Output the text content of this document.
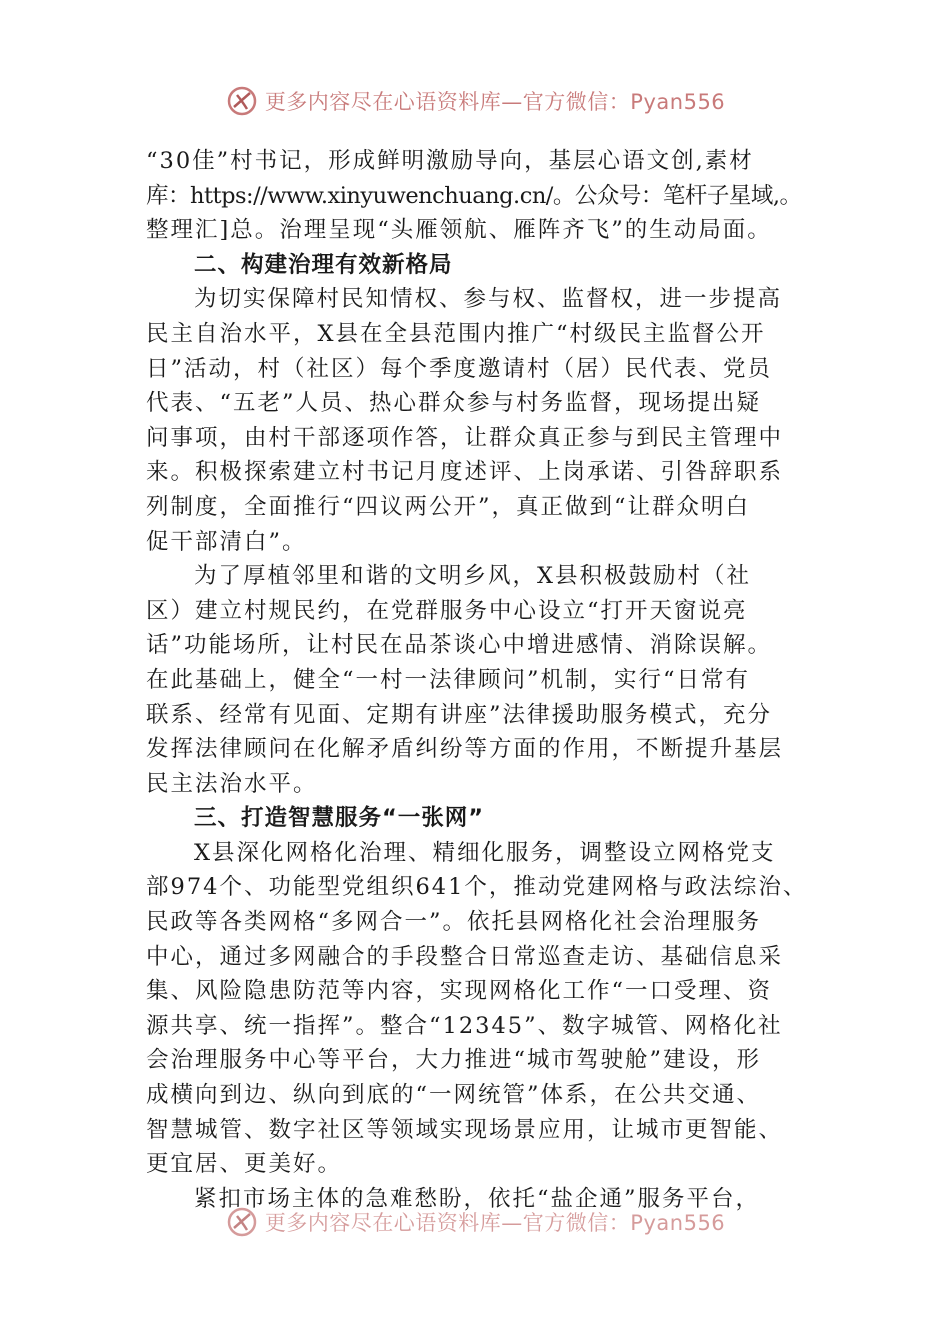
更多内容尽在心语资料库—官方微信：Pyan556
“30佳”村书记，形成鲜明激励导向，基层心语文创,素材
库：https://www.xinyuwenchuang.cn/。公众号：笔杆子星域,。
整理汇]总。治理呈现“头雁领航、雁阵齐飞”的生动局面。
二、构建治理有效新格局
为切实保障村民知情权、参与权、监督权，进一步提高
民主自治水平，X县在全县范围内推广“村级民主监督公开
日”活动，村（社区）每个季度邀请村（居）民代表、党员
代表、“五老”人员、热心群众参与村务监督，现场提出疑
问事项，由村干部逐项作答，让群众真正参与到民主管理中
来。积极探索建立村书记月度述评、上岗承诺、引咎辞职系
列制度，全面推行“四议两公开”，真正做到“让群众明白
促干部清白”。
为了厚植邻里和谐的文明乡风，X县积极鼓励村（社
区）建立村规民约，在党群服务中心设立“打开天窗说亮
话”功能场所，让村民在品茶谈心中增进感情、消除误解。
在此基础上，健全“一村一法律顾问”机制，实行“日常有
联系、经常有见面、定期有讲座”法律援助服务模式，充分
发挥法律顾问在化解矛盾纠纷等方面的作用，不断提升基层
民主法治水平。
三、打造智慧服务“一张网”
X县深化网格化治理、精细化服务，调整设立网格党支
部974个、功能型党组织641个，推动党建网格与政法综治、
民政等各类网格“多网合一”。依托县网格化社会治理服务
中心，通过多网融合的手段整合日常巡查走访、基础信息采
集、风险隐患防范等内容，实现网格化工作“一口受理、资
源共享、统一指挥”。整合“12345”、数字城管、网格化社
会治理服务中心等平台，大力推进“城市驾驶舱”建设，形
成横向到边、纵向到底的“一网统管”体系，在公共交通、
智慧城管、数字社区等领域实现场景应用，让城市更智能、
更宜居、更美好。
紧扣市场主体的急难愁盼，依托“盐企通”服务平台，
更多内容尽在心语资料库—官方微信：Pyan556
